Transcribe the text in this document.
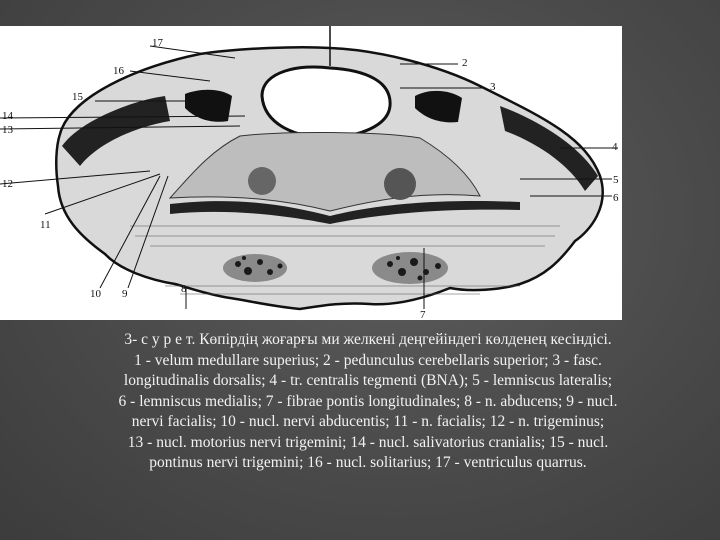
2
3
4
5
6
7
8
9
10
11
12
13
14
15
16
17
3- с у р е т. Көпірдің жоғарғы ми желкені деңгейіндегі көлденең кесіндісі.
1 - velum medullare superius; 2 - pedunculus cerebellaris superior; 3 - fasc.
longitudinalis dorsalis; 4 - tr. centralis tegmenti (BNA); 5 - lemniscus lateralis;
6 - lemniscus medialis; 7 - fibrae pontis longitudinales; 8 - n. abducens; 9 - nucl.
nervi facialis; 10 - nucl. nervi abducentis; 11 - n. facialis; 12 - n. trigeminus;
13 - nucl. motorius nervi trigemini; 14 - nucl. salivatorius cranialis; 15 - nucl.
pontinus nervi trigemini; 16 - nucl. solitarius; 17 - ventriculus quarrus.
